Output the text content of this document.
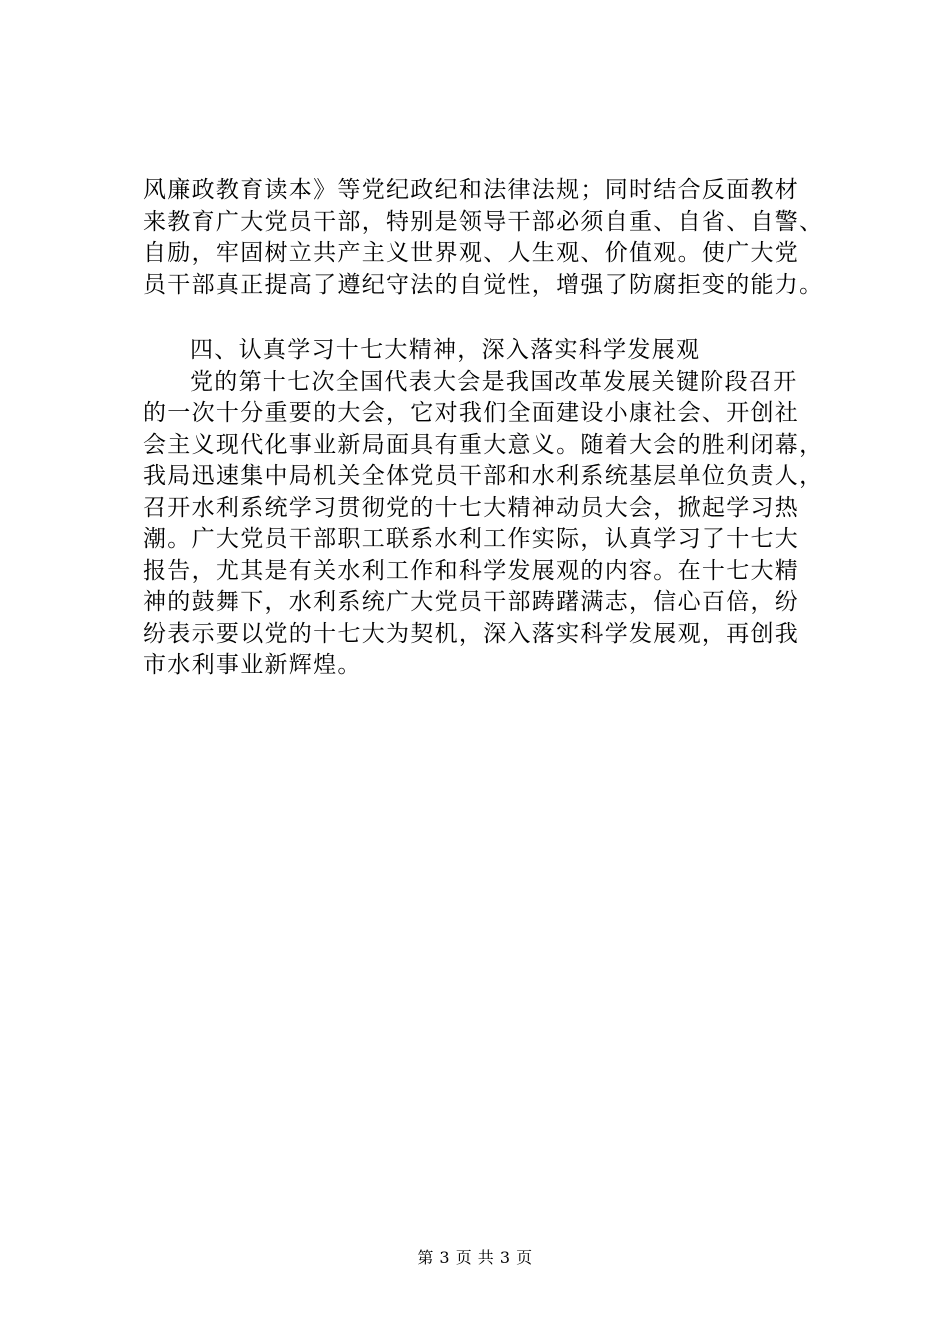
风廉政教育读本》等党纪政纪和法律法规；同时结合反面教材
来教育广大党员干部，特别是领导干部必须自重、自省、自警、
自励，牢固树立共产主义世界观、人生观、价值观。使广大党
员干部真正提高了遵纪守法的自觉性，增强了防腐拒变的能力。
四、认真学习十七大精神，深入落实科学发展观
党的第十七次全国代表大会是我国改革发展关键阶段召开
的一次十分重要的大会，它对我们全面建设小康社会、开创社
会主义现代化事业新局面具有重大意义。随着大会的胜利闭幕，
我局迅速集中局机关全体党员干部和水利系统基层单位负责人，
召开水利系统学习贯彻党的十七大精神动员大会，掀起学习热
潮。广大党员干部职工联系水利工作实际，认真学习了十七大
报告，尤其是有关水利工作和科学发展观的内容。在十七大精
神的鼓舞下，水利系统广大党员干部踌躇满志，信心百倍，纷
纷表示要以党的十七大为契机，深入落实科学发展观，再创我
市水利事业新辉煌。
第 3 页 共 3 页
